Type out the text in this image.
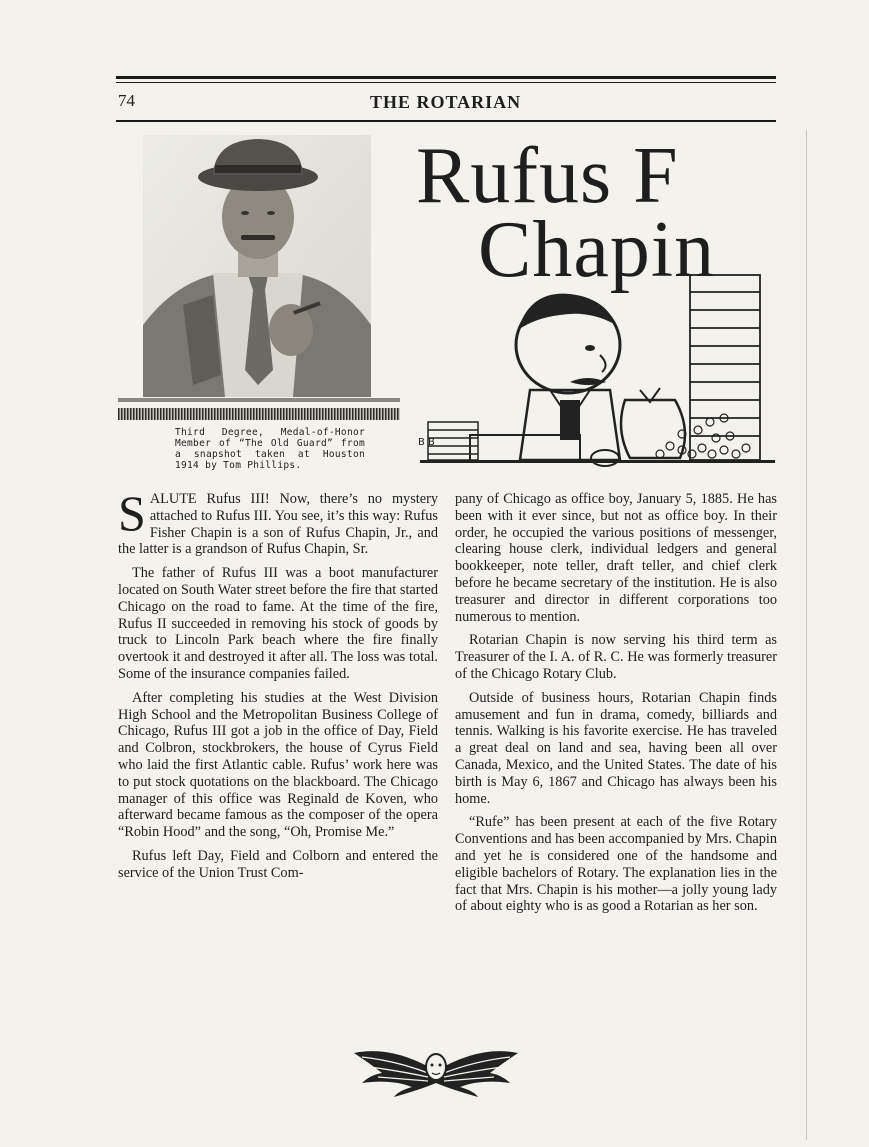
74	THE ROTARIAN
Third Degree, Medal-of-Honor Member of “The Old Guard” from a snapshot taken at Houston 1914 by Tom Phillips.
Rufus F
Chapin
B B

SALUTE Rufus III! Now, there’s no mystery attached to Rufus III. You see, it’s this way: Rufus Fisher Chapin is a son of Rufus Chapin, Jr., and the latter is a grandson of Rufus Chapin, Sr.

The father of Rufus III was a boot manufacturer located on South Water street before the fire that started Chicago on the road to fame. At the time of the fire, Rufus II succeeded in removing his stock of goods by truck to Lincoln Park beach where the fire finally overtook it and destroyed it after all. The loss was total. Some of the insurance companies failed.

After completing his studies at the West Division High School and the Metropolitan Business College of Chicago, Rufus III got a job in the office of Day, Field and Colbron, stockbrokers, the house of Cyrus Field who laid the first Atlantic cable. Rufus’ work here was to put stock quotations on the blackboard. The Chicago manager of this office was Reginald de Koven, who afterward became famous as the composer of the opera “Robin Hood” and the song, “Oh, Promise Me.”

Rufus left Day, Field and Colborn and entered the service of the Union Trust Com-

pany of Chicago as office boy, January 5, 1885. He has been with it ever since, but not as office boy. In their order, he occupied the various positions of messenger, clearing house clerk, individual ledgers and general bookkeeper, note teller, draft teller, and chief clerk before he became secretary of the institution. He is also treasurer and director in different corporations too numerous to mention.

Rotarian Chapin is now serving his third term as Treasurer of the I. A. of R. C. He was formerly treasurer of the Chicago Rotary Club.

Outside of business hours, Rotarian Chapin finds amusement and fun in drama, comedy, billiards and tennis. Walking is his favorite exercise. He has traveled a great deal on land and sea, having been all over Canada, Mexico, and the United States. The date of his birth is May 6, 1867 and Chicago has always been his home.

“Rufe” has been present at each of the five Rotary Conventions and has been accompanied by Mrs. Chapin and yet he is considered one of the handsome and eligible bachelors of Rotary. The explanation lies in the fact that Mrs. Chapin is his mother—a jolly young lady of about eighty who is as good a Rotarian as her son.
